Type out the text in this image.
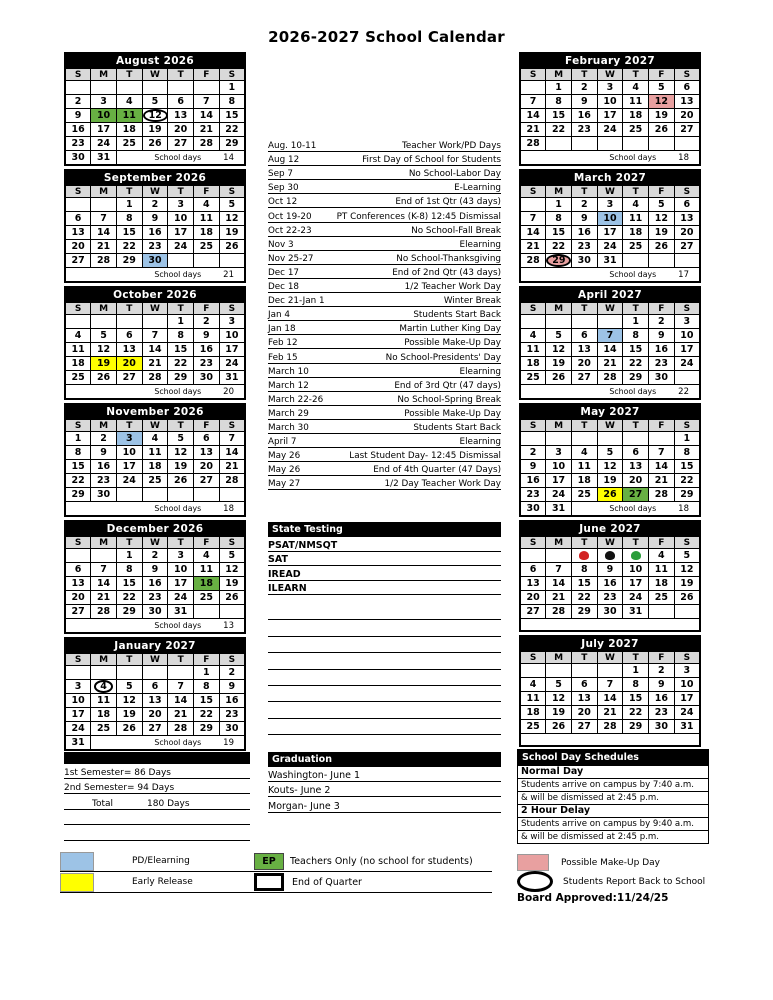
2026-2027 School Calendar
August 2026						
S	M	T	W	T	F	S
						1
2	3	4	5	6	7	8
9	10	11	12	13	14	15
16	17	18	19	20	21	22
23	24	25	26	27	28	29
30	31	School days 14				
September 2026						
S	M	T	W	T	F	S
		1	2	3	4	5
6	7	8	9	10	11	12
13	14	15	16	17	18	19
20	21	22	23	24	25	26
27	28	29	30			

School days 21						
October 2026						
S	M	T	W	T	F	S
				1	2	3
4	5	6	7	8	9	10
11	12	13	14	15	16	17
18	19	20	21	22	23	24
25	26	27	28	29	30	31

School days 20						
November 2026						
S	M	T	W	T	F	S
1	2	3	4	5	6	7
8	9	10	11	12	13	14
15	16	17	18	19	20	21
22	23	24	25	26	27	28
29	30					

School days 18						
December 2026						
S	M	T	W	T	F	S
		1	2	3	4	5
6	7	8	9	10	11	12
13	14	15	16	17	18	19
20	21	22	23	24	25	26
27	28	29	30	31		

School days 13						
January 2027						
S	M	T	W	T	F	S
					1	2
3	4	5	6	7	8	9
10	11	12	13	14	15	16
17	18	19	20	21	22	23
24	25	26	27	28	29	30
31	School days 19					
February 2027						
S	M	T	W	T	F	S
	1	2	3	4	5	6
7	8	9	10	11	12	13
14	15	16	17	18	19	20
21	22	23	24	25	26	27
28						

School days 18						
March 2027						
S	M	T	W	T	F	S
	1	2	3	4	5	6
7	8	9	10	11	12	13
14	15	16	17	18	19	20
21	22	23	24	25	26	27
28	29	30	31			

School days 17						
April 2027						
S	M	T	W	T	F	S
				1	2	3
4	5	6	7	8	9	10
11	12	13	14	15	16	17
18	19	20	21	22	23	24
25	26	27	28	29	30	

School days 22						
May 2027						
S	M	T	W	T	F	S
						1
2	3	4	5	6	7	8
9	10	11	12	13	14	15
16	17	18	19	20	21	22
23	24	25	26	27	28	29
30	31	School days 18				
June 2027						
S	M	T	W	T	F	S
					4	5
6	7	8	9	10	11	12
13	14	15	16	17	18	19
20	21	22	23	24	25	26
27	28	29	30	31		

July 2027						
S	M	T	W	T	F	S
				1	2	3
4	5	6	7	8	9	10
11	12	13	14	15	16	17
18	19	20	21	22	23	24
25	26	27	28	29	30	31

Aug. 10-11	Teacher Work/PD Days
Aug 12	First Day of School for Students
Sep 7	No School-Labor Day
Sep 30	E-Learning
Oct 12	End of 1st Qtr (43 days)
Oct 19-20	PT Conferences (K-8) 12:45 Dismissal
Oct 22-23	No School-Fall Break
Nov 3	Elearning
Nov 25-27	No School-Thanksgiving
Dec 17	End of 2nd Qtr (43 days)
Dec 18	1/2 Teacher Work Day
Dec 21-Jan 1	Winter Break
Jan 4	Students Start Back
Jan 18	Martin Luther King Day
Feb 12	Possible Make-Up Day
Feb 15	No School-Presidents' Day
March 10	Elearning
March 12	End of 3rd Qtr (47 days)
March 22-26	No School-Spring Break
March 29	Possible Make-Up Day
March 30	Students Start Back
April 7	Elearning
May 26	Last Student Day- 12:45 Dismissal
May 26	End of 4th Quarter (47 Days)
May 27	1/2 Day Teacher Work Day
State Testing
PSAT/NMSQT
SAT
IREAD
ILEARN
Graduation
Washington- June 1
Kouts- June 2
Morgan- June 3
1st Semester= 86 Days
2nd Semester= 94 Days
Total	180 Days
School Day Schedules
Normal Day
Students arrive on campus by 7:40 a.m.
& will be dismissed at 2:45 p.m.
2 Hour Delay
Students arrive on campus by 9:40 a.m.
& will be dismissed at 2:45 p.m.
PD/Elearning	EP	Teachers Only (no school for students)
Early Release	End of Quarter
Possible Make-Up Day
Students Report Back to School
Board Approved:11/24/25
